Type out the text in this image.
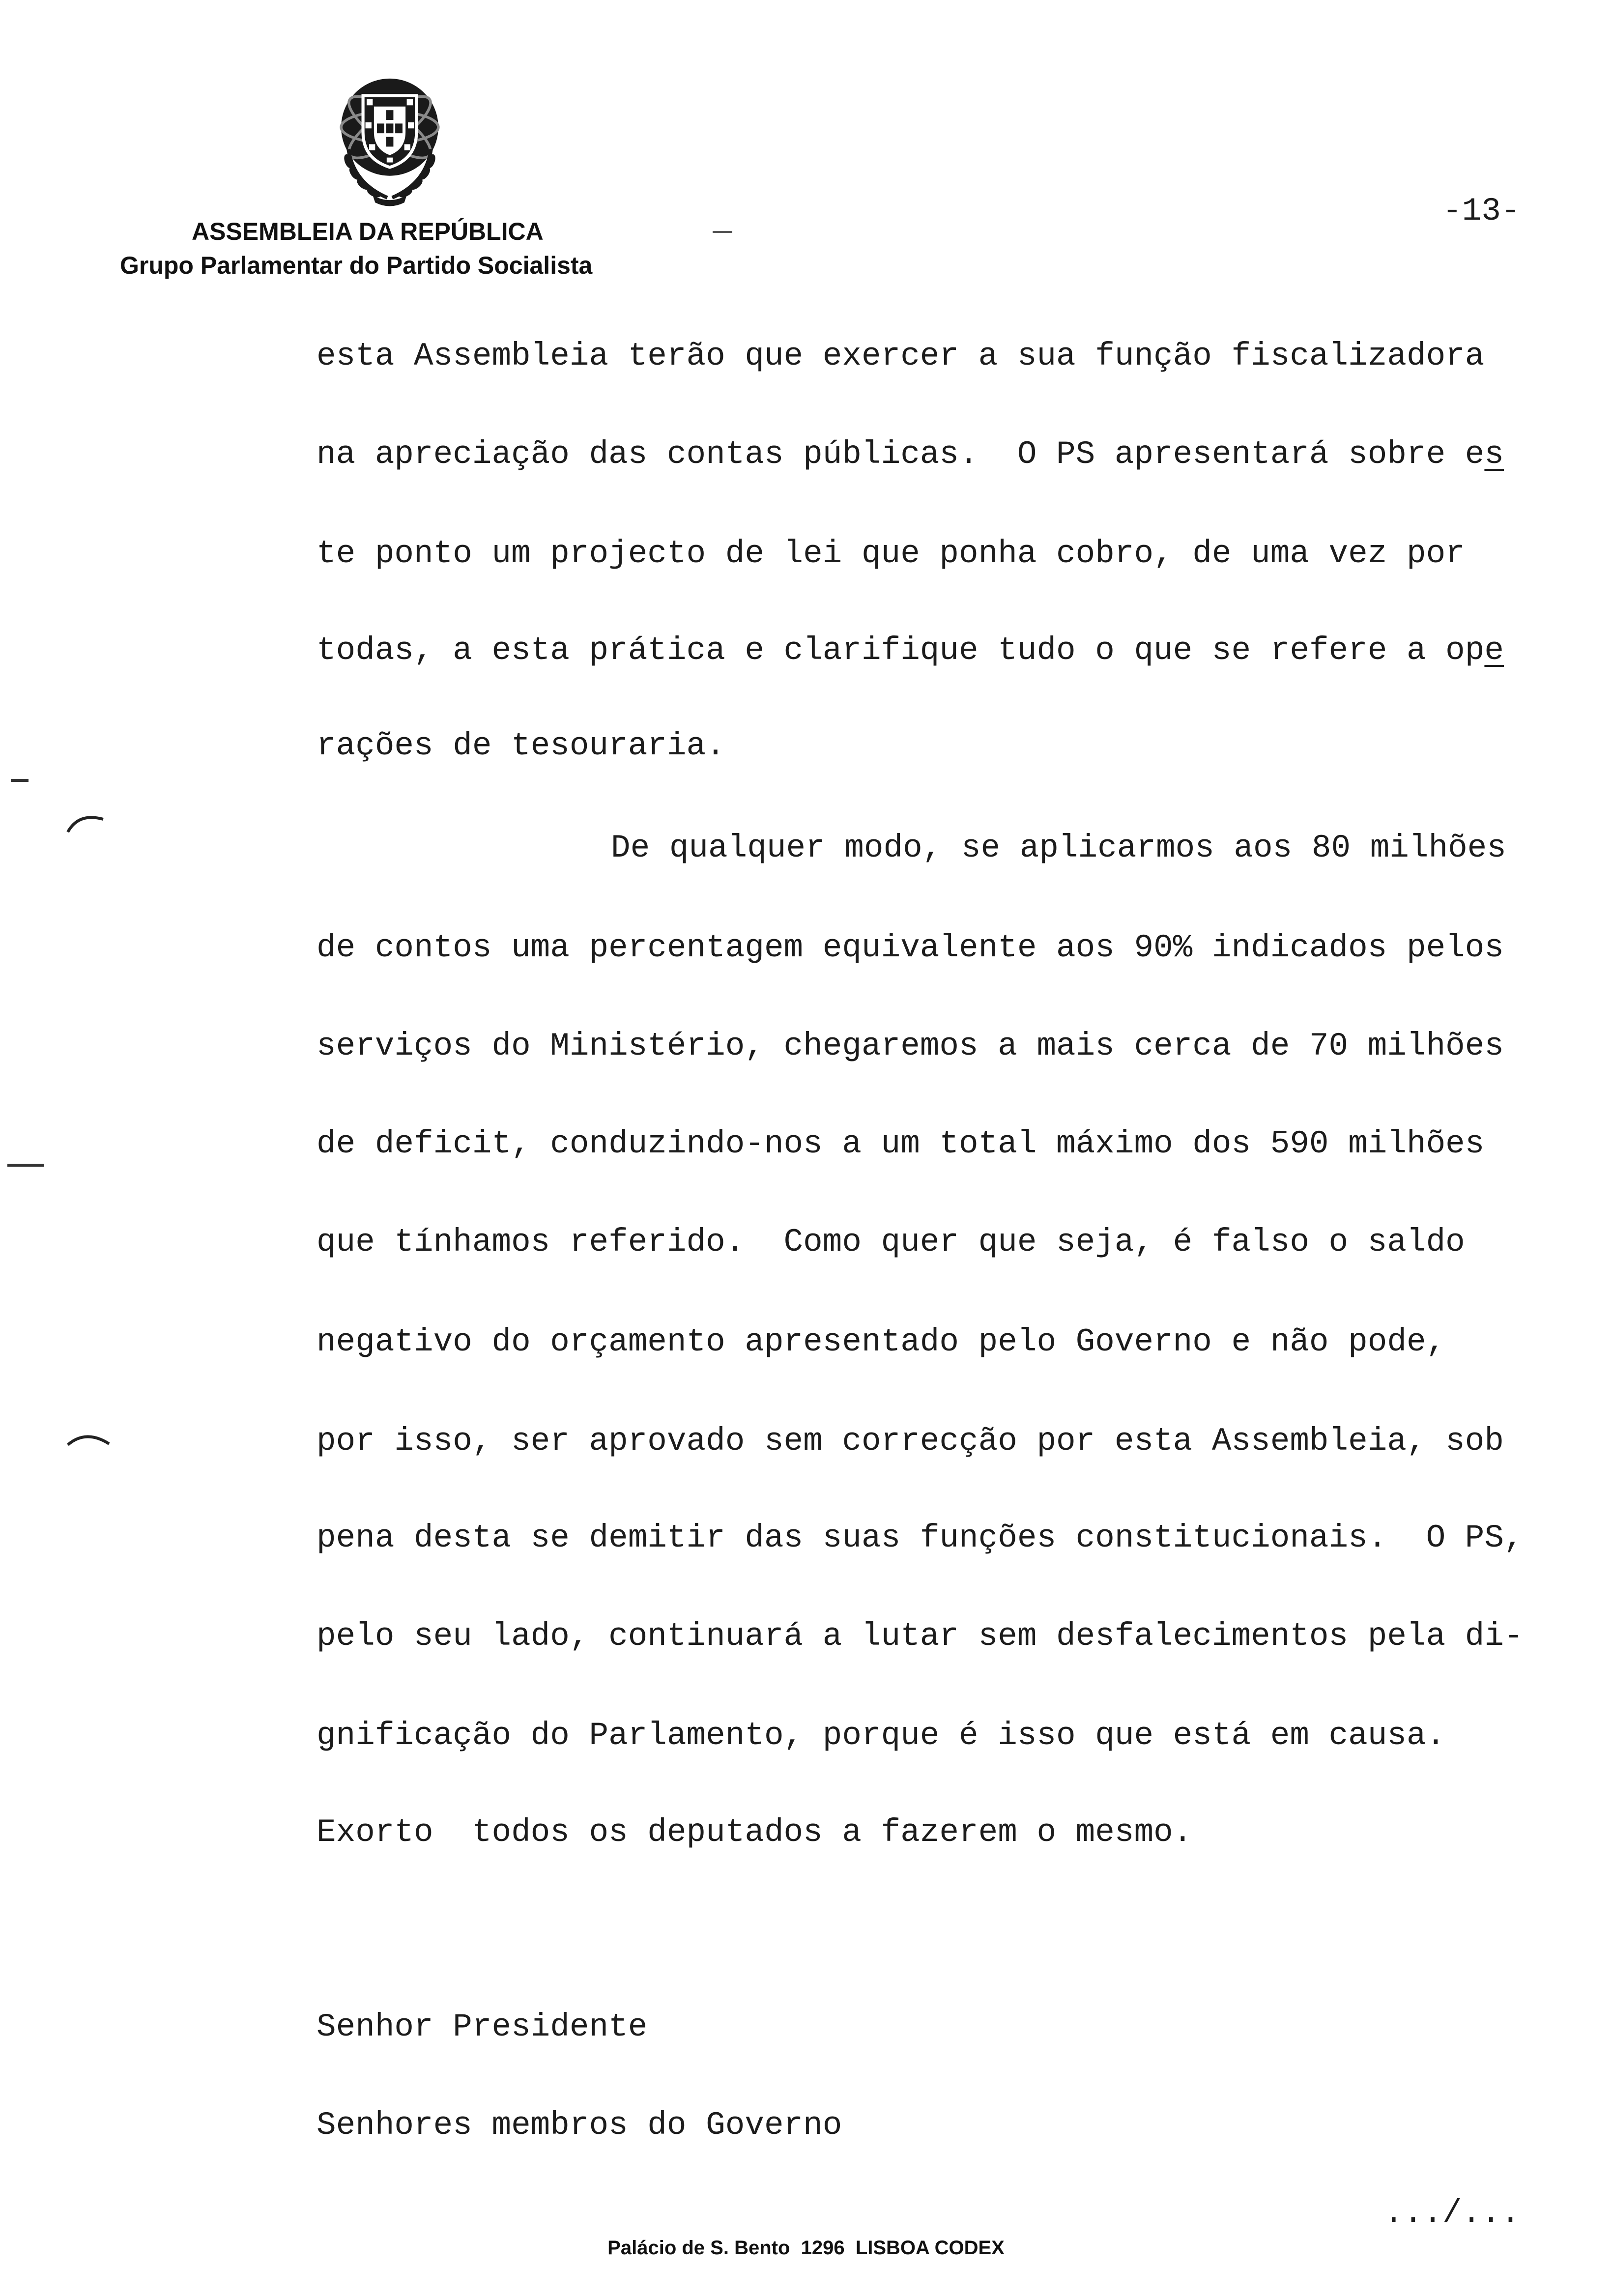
ASSEMBLEIA DA REPÚBLICA
Grupo Parlamentar do Partido Socialista
-13-
esta Assembleia terão que exercer a sua função fiscalizadora
na apreciação das contas públicas.  O PS apresentará sobre es
te ponto um projecto de lei que ponha cobro, de uma vez por
todas, a esta prática e clarifique tudo o que se refere a ope
rações de tesouraria.
De qualquer modo, se aplicarmos aos 80 milhões
de contos uma percentagem equivalente aos 90% indicados pelos
serviços do Ministério, chegaremos a mais cerca de 70 milhões
de deficit, conduzindo-nos a um total máximo dos 590 milhões
que tínhamos referido.  Como quer que seja, é falso o saldo
negativo do orçamento apresentado pelo Governo e não pode,
por isso, ser aprovado sem correcção por esta Assembleia, sob
pena desta se demitir das suas funções constitucionais.  O PS,
pelo seu lado, continuará a lutar sem desfalecimentos pela di-
gnificação do Parlamento, porque é isso que está em causa.
Exorto  todos os deputados a fazerem o mesmo.
Senhor Presidente
Senhores membros do Governo
.../...
Palácio de S. Bento  1296  LISBOA CODEX
